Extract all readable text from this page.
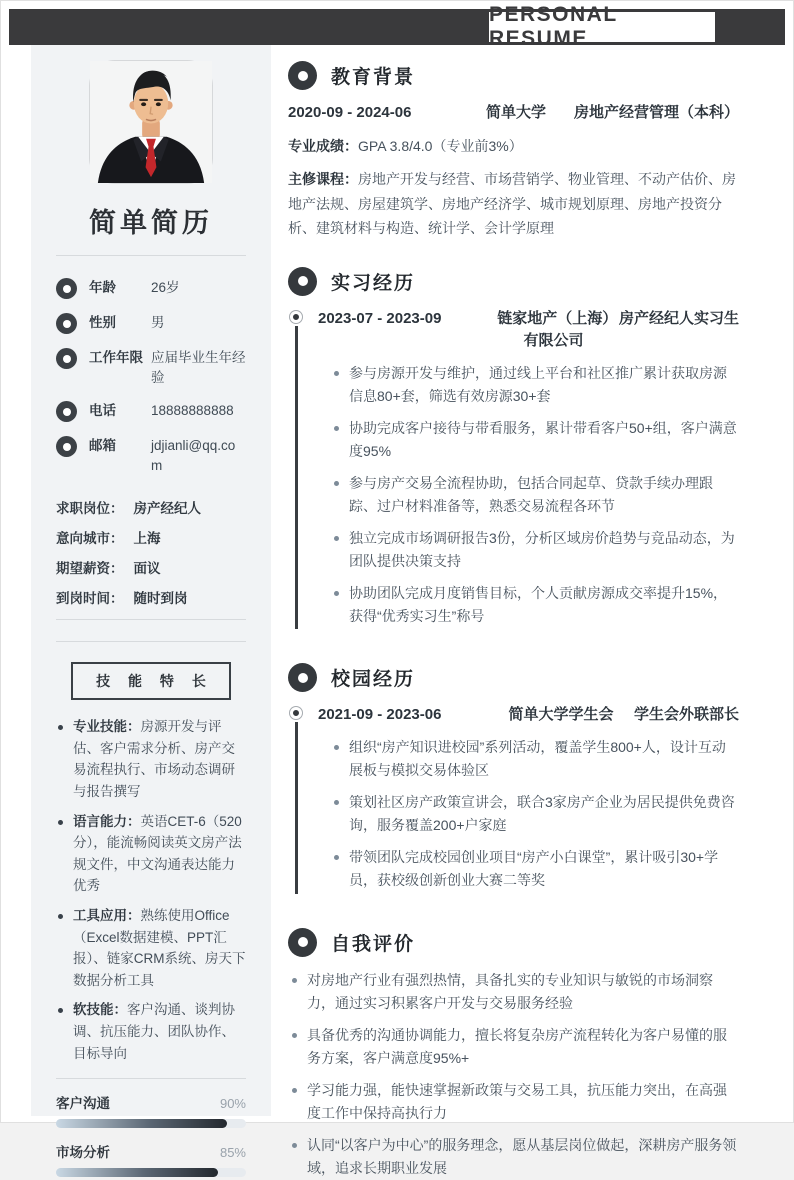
PERSONAL RESUME
简单简历
年龄	26岁
性别	男
工作年限 应届毕业生年经验
电话	18888888888
邮箱	jdjianli@qq.com
求职岗位： 房产经纪人
意向城市： 上海
期望薪资： 面议
到岗时间： 随时到岗
技 能 特 长
专业技能：房源开发与评估、客户需求分析、房产交易流程执行、市场动态调研与报告撰写
语言能力：英语CET-6（520分），能流畅阅读英文房产法规文件，中文沟通表达能力优秀
工具应用：熟练使用Office（Excel数据建模、PPT汇报）、链家CRM系统、房天下数据分析工具
软技能：客户沟通、谈判协调、抗压能力、团队协作、目标导向
客户沟通	90%
市场分析	85%
教育背景
2020-09 - 2024-06	简单大学	房地产经营管理（本科）

专业成绩：GPA 3.8/4.0（专业前3%）

主修课程：房地产开发与经营、市场营销学、物业管理、不动产估价、房地产法规、房屋建筑学、房地产经济学、城市规划原理、房地产投资分析、建筑材料与构造、统计学、会计学原理

实习经历
2023-07 - 2023-09	链家地产（上海）有限公司
房产经纪人实习生
参与房源开发与维护，通过线上平台和社区推广累计获取房源信息80+套，筛选有效房源30+套
协助完成客户接待与带看服务，累计带看客户50+组，客户满意度95%
参与房产交易全流程协助，包括合同起草、贷款手续办理跟踪、过户材料准备等，熟悉交易流程各环节
独立完成市场调研报告3份，分析区域房价趋势与竞品动态，为团队提供决策支持
协助团队完成月度销售目标，个人贡献房源成交率提升15%，获得“优秀实习生”称号
校园经历
2021-09 - 2023-06	简单大学学生会	学生会外联部长
组织“房产知识进校园”系列活动，覆盖学生800+人，设计互动展板与模拟交易体验区
策划社区房产政策宣讲会，联合3家房产企业为居民提供免费咨询，服务覆盖200+户家庭
带领团队完成校园创业项目“房产小白课堂”，累计吸引30+学员，获校级创新创业大赛二等奖
自我评价
对房地产行业有强烈热情，具备扎实的专业知识与敏锐的市场洞察力，通过实习积累客户开发与交易服务经验
具备优秀的沟通协调能力，擅长将复杂房产流程转化为客户易懂的服务方案，客户满意度95%+
学习能力强，能快速掌握新政策与交易工具，抗压能力突出，在高强度工作中保持高执行力
认同“以客户为中心”的服务理念，愿从基层岗位做起，深耕房产服务领域，追求长期职业发展
